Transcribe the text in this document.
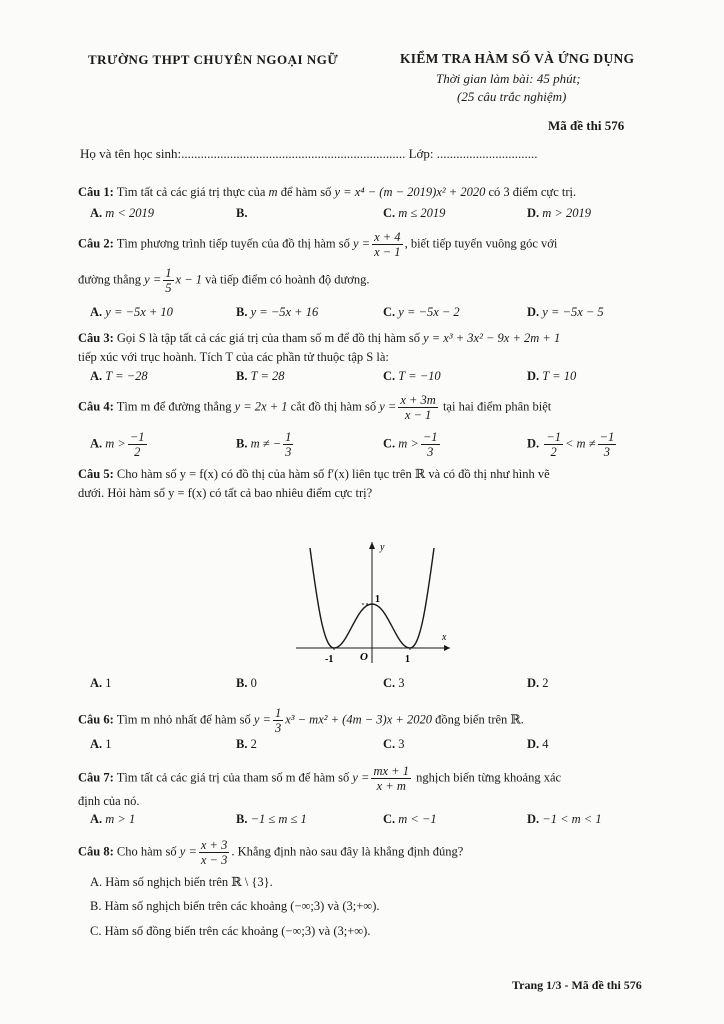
TRƯỜNG THPT CHUYÊN NGOẠI NGỮ	KIỂM TRA HÀM SỐ VÀ ỨNG DỤNG
Thời gian làm bài: 45 phút;
(25 câu trắc nghiệm)
Mã đề thi 576
Họ và tên học sinh:..................................................................... Lớp: ...............................
Câu 1: Tìm tất cả các giá trị thực của m để hàm số y = x⁴ − (m − 2019)x² + 2020 có 3 điểm cực trị.
A. m < 2019	B.	C. m ≤ 2019	D. m > 2019
Câu 2: Tìm phương trình tiếp tuyến của đồ thị hàm số $y = \frac{x + 4}{x - 1}$ , biết tiếp tuyến vuông góc với
đường thẳng $y = \frac{1}{5}$ x − 1 và tiếp điểm có hoành độ dương.
A. y = −5x + 10	B. y = −5x + 16	C. y = −5x − 2	D. y = −5x − 5
Câu 3: Gọi S là tập tất cả các giá trị của tham số m để đồ thị hàm số y = x³ + 3x² − 9x + 2m + 1
tiếp xúc với trục hoành. Tích T của các phần tử thuộc tập S là:
A. T = −28	B. T = 28	C. T = −10	D. T = 10
Câu 4: Tìm m để đường thẳng y = 2x + 1 cắt đồ thị hàm số $y = \frac{x + 3m}{x - 1}$ tại hai điểm phân biệt
A. $m > \frac{-1}{2}$	B. m ≠ − $\frac{1}{3}$	C. $m > \frac{-1}{3}$	D. $\frac{-1}{2} < m \ne \frac{-1}{3}$
Câu 5: Cho hàm số y = f(x) có đồ thị của hàm số f′(x) liên tục trên ℝ và có đồ thị như hình vẽ
dưới. Hỏi hàm số y = f(x) có tất cả bao nhiêu điểm cực trị?
y
x
1
-1 O	1
A. 1	B. 0	C. 3	D. 2
Câu 6: Tìm m nhỏ nhất để hàm số $y = \frac{1}{3} x^3 - mx^2 + (4m - 3)x + 2020$ đồng biến trên ℝ.
A. 1	B. 2	C. 3	D. 4
Câu 7: Tìm tất cả các giá trị của tham số m để hàm số $y = \frac{mx + 1}{x + m}$ nghịch biến từng khoảng xác
định của nó.
A. m > 1	B. −1 ≤ m ≤ 1	C. m < −1	D. −1 < m < 1
Câu 8: Cho hàm số $y = \frac{x + 3}{x - 3}$ . Khẳng định nào sau đây là khẳng định đúng?
A. Hàm số nghịch biến trên ℝ \ {3}.
B. Hàm số nghịch biến trên các khoảng (−∞;3) và (3;+∞).
C. Hàm số đồng biến trên các khoảng (−∞;3) và (3;+∞).
Trang 1/3 - Mã đề thi 576
